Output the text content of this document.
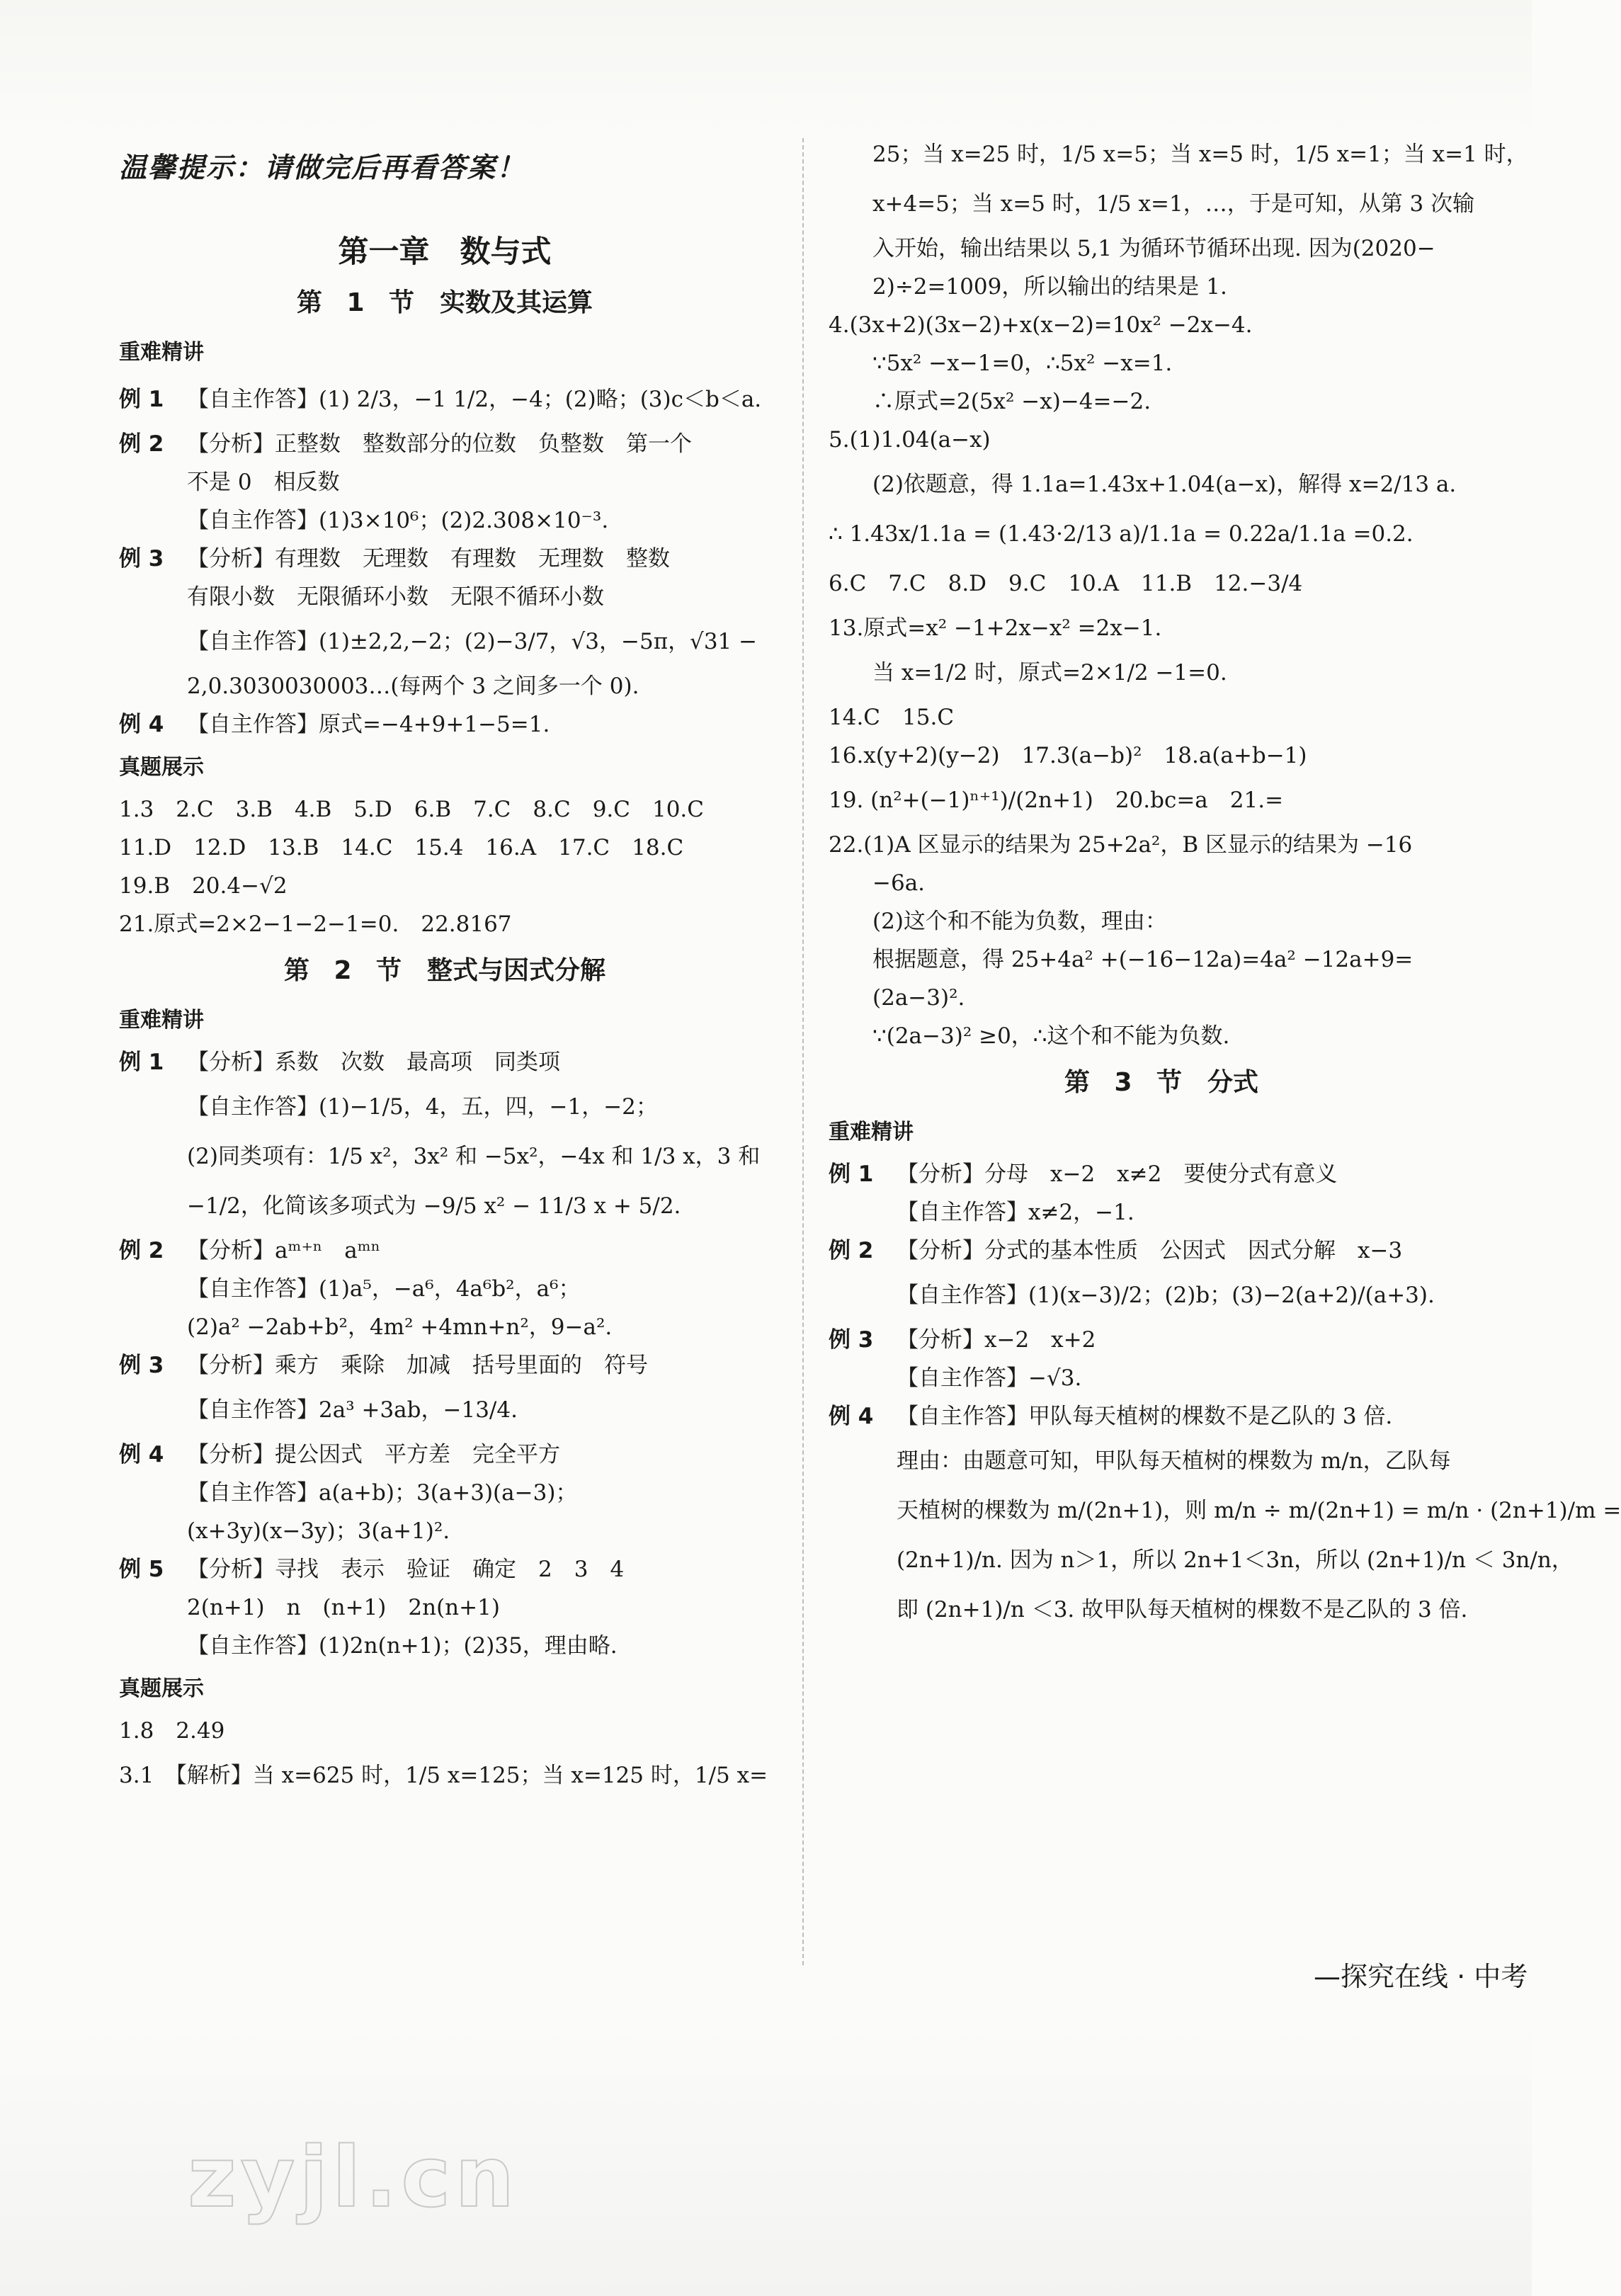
温馨提示：请做完后再看答案！
第一章　数与式
第 1 节　实数及其运算
重难精讲
例 1 【自主作答】(1) 2/3，−1 1/2，−4；(2)略；(3)c＜b＜a.
例 2 【分析】正整数　整数部分的位数　负整数　第一个
不是 0　相反数
【自主作答】(1)3×10⁶；(2)2.308×10⁻³.
例 3 【分析】有理数　无理数　有理数　无理数　整数
有限小数　无限循环小数　无限不循环小数
【自主作答】(1)±2,2,−2；(2)−3/7，√3，−5π，√31 −
2,0.3030030003…(每两个 3 之间多一个 0).
例 4 【自主作答】原式=−4+9+1−5=1.
真题展示
1.3　2.C　3.B　4.B　5.D　6.B　7.C　8.C　9.C　10.C
11.D　12.D　13.B　14.C　15.4　16.A　17.C　18.C
19.B　20.4−√2
21.原式=2×2−1−2−1=0.　22.8167
第 2 节　整式与因式分解
重难精讲
例 1 【分析】系数　次数　最高项　同类项
【自主作答】(1)−1/5，4，五，四，−1，−2；
(2)同类项有：1/5 x²，3x² 和 −5x²，−4x 和 1/3 x，3 和
−1/2，化简该多项式为 −9/5 x² − 11/3 x + 5/2.
例 2 【分析】aᵐ⁺ⁿ　aᵐⁿ
【自主作答】(1)a⁵，−a⁶，4a⁶b²，a⁶；
(2)a² −2ab+b²，4m² +4mn+n²，9−a².
例 3 【分析】乘方　乘除　加减　括号里面的　符号
【自主作答】2a³ +3ab，−13/4.
例 4 【分析】提公因式　平方差　完全平方
【自主作答】a(a+b)；3(a+3)(a−3)；
(x+3y)(x−3y)；3(a+1)².
例 5 【分析】寻找　表示　验证　确定　2　3　4
2(n+1)　n　(n+1)　2n(n+1)
【自主作答】(1)2n(n+1)；(2)35，理由略.
真题展示
1.8　2.49
3.1　【解析】当 x=625 时，1/5 x=125；当 x=125 时，1/5 x=
25；当 x=25 时，1/5 x=5；当 x=5 时，1/5 x=1；当 x=1 时，
x+4=5；当 x=5 时，1/5 x=1，…，于是可知，从第 3 次输
入开始，输出结果以 5,1 为循环节循环出现. 因为(2020−
2)÷2=1009，所以输出的结果是 1.
4.(3x+2)(3x−2)+x(x−2)=10x² −2x−4.
∵5x² −x−1=0，∴5x² −x=1.
∴原式=2(5x² −x)−4=−2.
5.(1)1.04(a−x)
(2)依题意，得 1.1a=1.43x+1.04(a−x)，解得 x=2/13 a.
∴ 1.43x/1.1a = (1.43·2/13 a)/1.1a = 0.22a/1.1a =0.2.
6.C　7.C　8.D　9.C　10.A　11.B　12.−3/4
13.原式=x² −1+2x−x² =2x−1.
当 x=1/2 时，原式=2×1/2 −1=0.
14.C　15.C
16.x(y+2)(y−2)　17.3(a−b)²　18.a(a+b−1)
19. (n²+(−1)ⁿ⁺¹)/(2n+1)　20.bc=a　21.=
22.(1)A 区显示的结果为 25+2a²，B 区显示的结果为 −16
−6a.
(2)这个和不能为负数，理由：
根据题意，得 25+4a² +(−16−12a)=4a² −12a+9=
(2a−3)².
∵(2a−3)² ≥0，∴这个和不能为负数.
第 3 节　分式
重难精讲
例 1 【分析】分母　x−2　x≠2　要使分式有意义
【自主作答】x≠2，−1.
例 2 【分析】分式的基本性质　公因式　因式分解　x−3
【自主作答】(1)(x−3)/2；(2)b；(3)−2(a+2)/(a+3).
例 3 【分析】x−2　x+2
【自主作答】−√3.
例 4 【自主作答】甲队每天植树的棵数不是乙队的 3 倍.
理由：由题意可知，甲队每天植树的棵数为 m/n，乙队每
天植树的棵数为 m/(2n+1)，则 m/n ÷ m/(2n+1) = m/n · (2n+1)/m =
(2n+1)/n. 因为 n＞1，所以 2n+1＜3n，所以 (2n+1)/n ＜ 3n/n，
即 (2n+1)/n ＜3. 故甲队每天植树的棵数不是乙队的 3 倍.
—探究在线 · 中考
zyjl.cn
